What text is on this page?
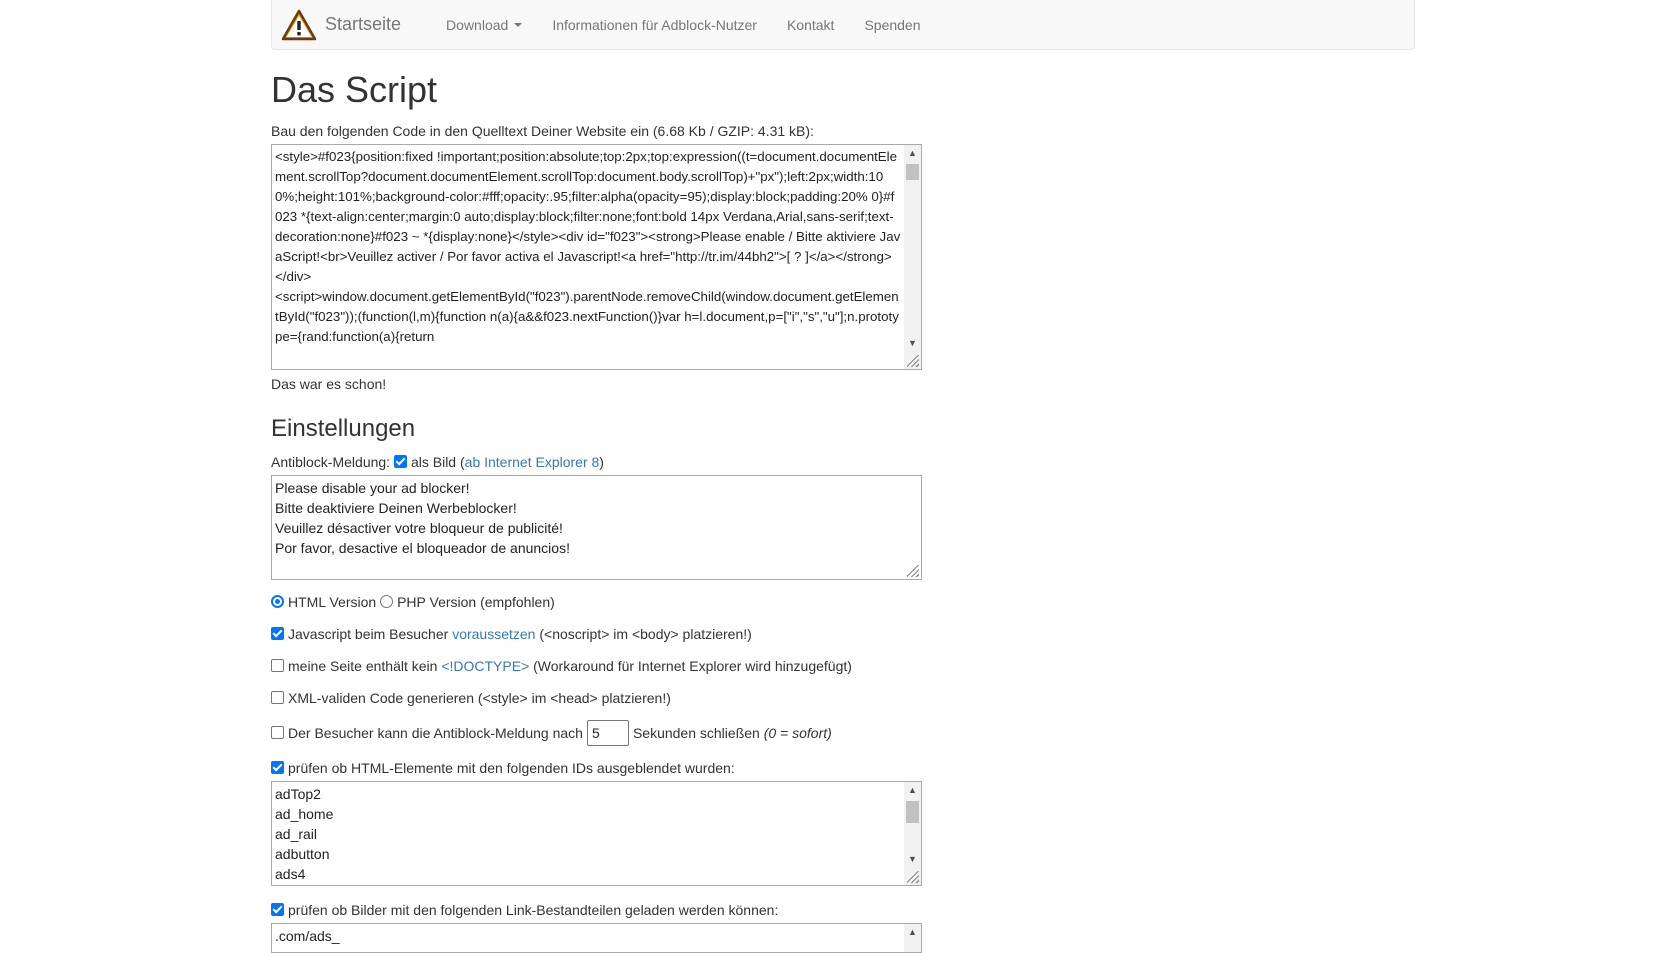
Startseite	Download	Informationen für Adblock-Nutzer	Kontakt	Spenden
Das Script
Bau den folgenden Code in den Quelltext Deiner Website ein (6.68 Kb / GZIP: 4.31 kB):
<style>#f023{position:fixed !important;position:absolute;top:2px;top:expression((t=document.documentElement.scrollTop?document.documentElement.scrollTop:document.body.scrollTop)+"px");left:2px;width:100%;height:101%;background-color:#fff;opacity:.95;filter:alpha(opacity=95);display:block;padding:20% 0}#f023 *{text-align:center;margin:0 auto;display:block;filter:none;font:bold 14px Verdana,Arial,sans-serif;text-decoration:none}#f023 ~ *{display:none}</style><div id="f023"><strong>Please enable / Bitte aktiviere JavaScript!<br>Veuillez activer / Por favor activa el Javascript!<a href="http://tr.im/44bh2">[ ? ]</a></strong></div>
<script>window.document.getElementById("f023").parentNode.removeChild(window.document.getElementById("f023"));(function(l,m){function n(a){a&&f023.nextFunction()}var h=l.document,p=["i","s","u"];n.prototype={rand:function(a){return
▲
▼
Das war es schon!
Einstellungen
Antiblock-Meldung:
als Bild
( ab Internet Explorer 8 )
Please disable your ad blocker!
Bitte deaktiviere Deinen Werbeblocker!
Veuillez désactiver votre bloqueur de publicité!
Por favor, desactive el bloqueador de anuncios!
HTML Version
PHP Version (empfohlen)
Javascript beim Besucher voraussetzen (<noscript> im <body> platzieren!)
meine Seite enthält kein <!DOCTYPE> (Workaround für Internet Explorer wird hinzugefügt)
XML-validen Code generieren (<style> im <head> platzieren!)
Der Besucher kann die Antiblock-Meldung nach
5	Sekunden schließen
(0 = sofort)
prüfen ob HTML-Elemente mit den folgenden IDs ausgeblendet wurden:
adTop2
ad_home
ad_rail
adbutton
ads4
▲
▼
prüfen ob Bilder mit den folgenden Link-Bestandteilen geladen werden können:
.com/ads_	▲
